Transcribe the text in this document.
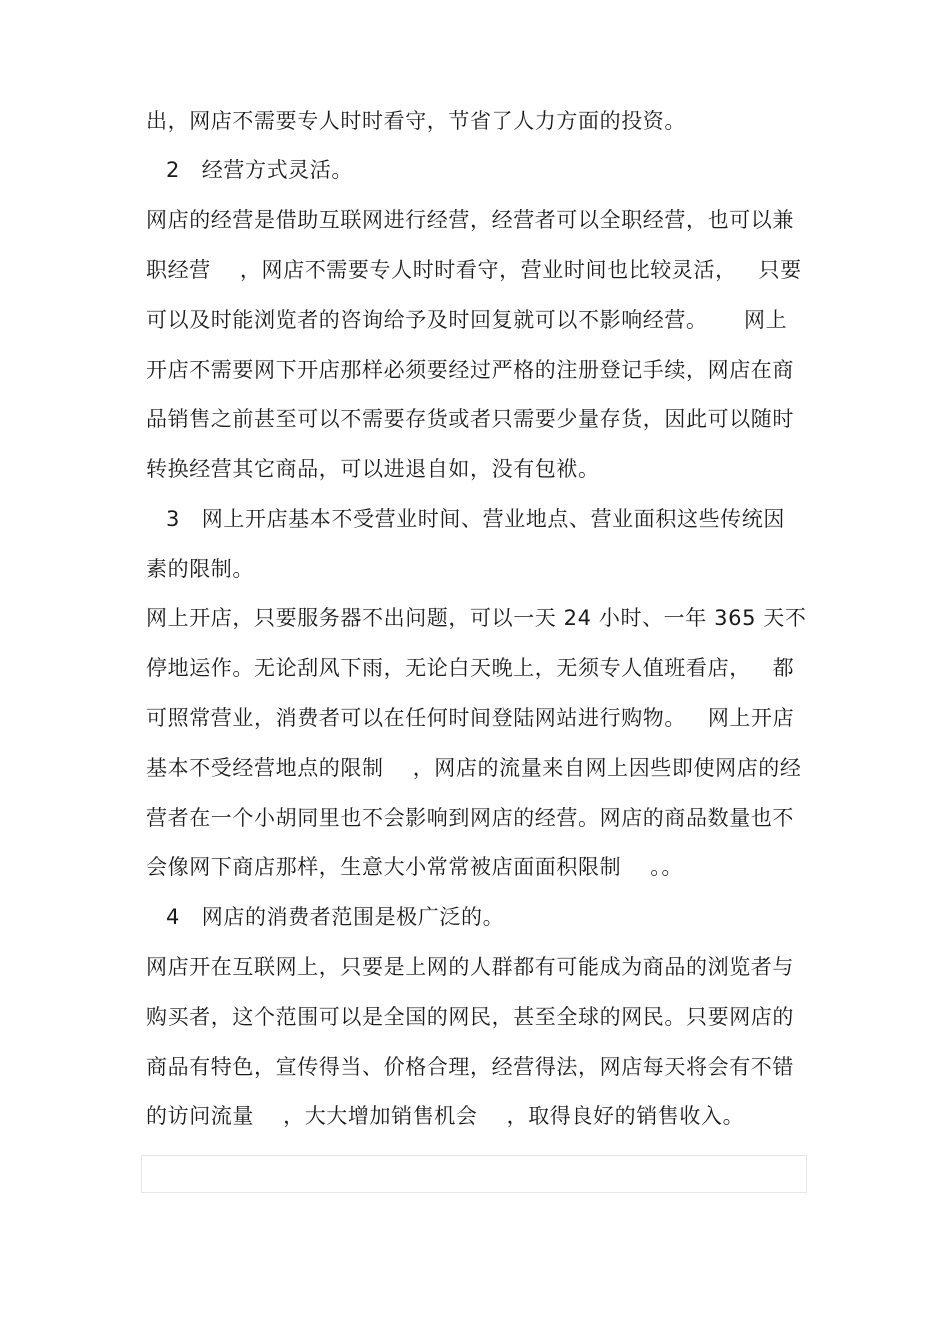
出，网店不需要专人时时看守，节省了人力方面的投资。
2   经营方式灵活。
网店的经营是借助互联网进行经营，经营者可以全职经营，也可以兼
职经营    ，网店不需要专人时时看守，营业时间也比较灵活，   只要
可以及时能浏览者的咨询给予及时回复就可以不影响经营。     网上
开店不需要网下开店那样必须要经过严格的注册登记手续，网店在商
品销售之前甚至可以不需要存货或者只需要少量存货，因此可以随时
转换经营其它商品，可以进退自如，没有包袱。
3   网上开店基本不受营业时间、营业地点、营业面积这些传统因
素的限制。
网上开店，只要服务器不出问题，可以一天 24 小时、一年 365 天不
停地运作。无论刮风下雨，无论白天晚上，无须专人值班看店，   都
可照常营业，消费者可以在任何时间登陆网站进行购物。   网上开店
基本不受经营地点的限制    ，网店的流量来自网上因些即使网店的经
营者在一个小胡同里也不会影响到网店的经营。网店的商品数量也不
会像网下商店那样，生意大小常常被店面面积限制    。。
4   网店的消费者范围是极广泛的。
网店开在互联网上，只要是上网的人群都有可能成为商品的浏览者与
购买者，这个范围可以是全国的网民，甚至全球的网民。只要网店的
商品有特色，宣传得当、价格合理，经营得法，网店每天将会有不错
的访问流量    ，大大增加销售机会    ，取得良好的销售收入。
